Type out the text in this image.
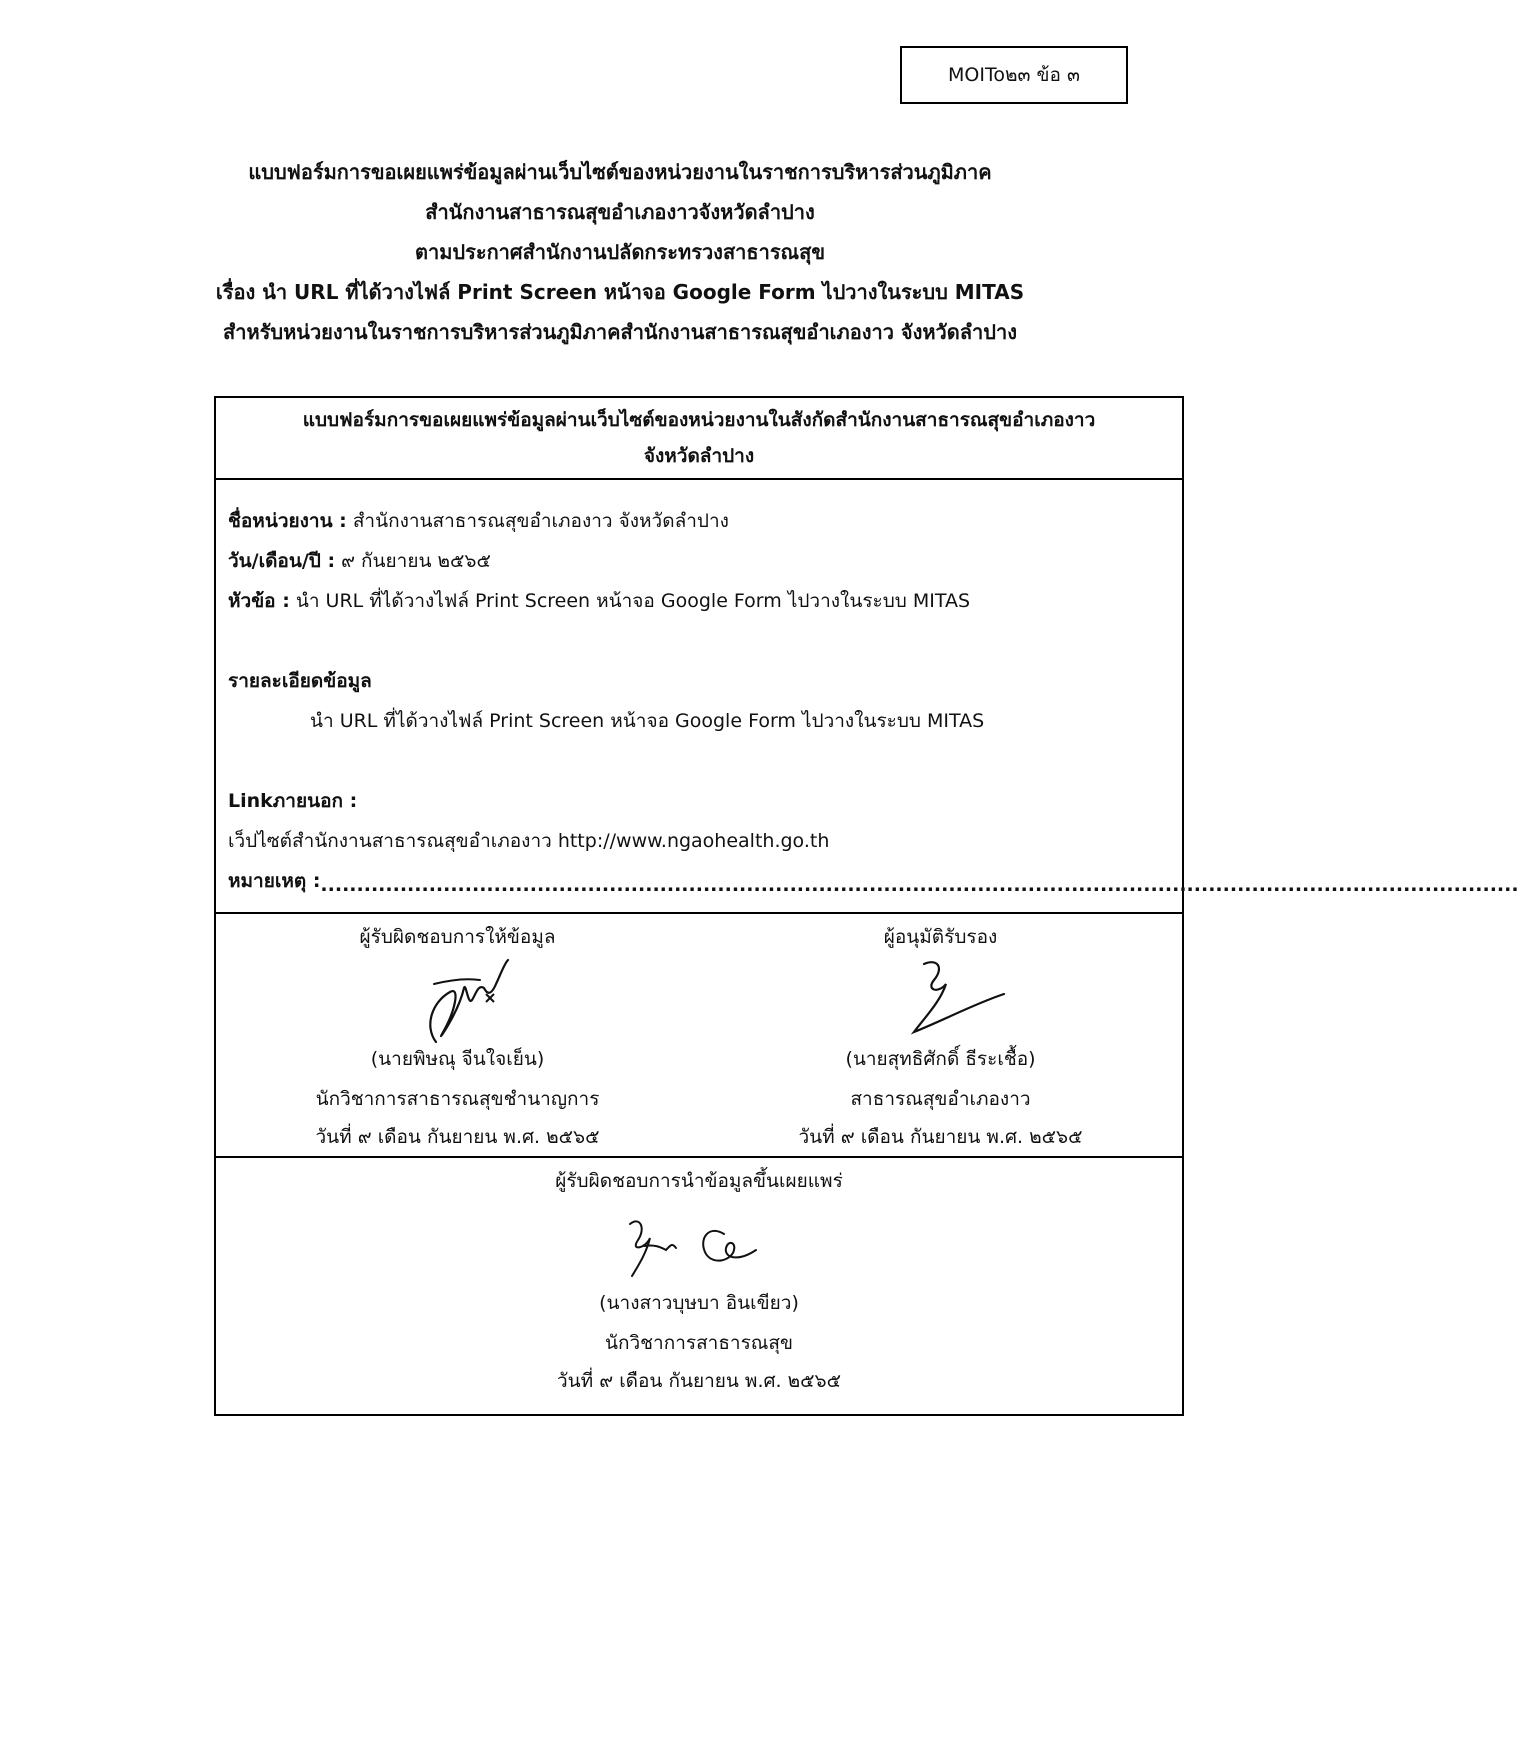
MOITo๒๓ ข้อ ๓
แบบฟอร์มการขอเผยแพร่ข้อมูลผ่านเว็บไซต์ของหน่วยงานในราชการบริหารส่วนภูมิภาค
สำนักงานสาธารณสุขอำเภองาวจังหวัดลำปาง
ตามประกาศสำนักงานปลัดกระทรวงสาธารณสุข
เรื่อง นำ URL ที่ได้วางไฟล์ Print Screen หน้าจอ Google Form ไปวางในระบบ MITAS
สำหรับหน่วยงานในราชการบริหารส่วนภูมิภาคสำนักงานสาธารณสุขอำเภองาว จังหวัดลำปาง
แบบฟอร์มการขอเผยแพร่ข้อมูลผ่านเว็บไซต์ของหน่วยงานในสังกัดสำนักงานสาธารณสุขอำเภองาว
จังหวัดลำปาง
ชื่อหน่วยงาน : สำนักงานสาธารณสุขอำเภองาว จังหวัดลำปาง
วัน/เดือน/ปี : ๙ กันยายน ๒๕๖๕
หัวข้อ : นำ URL ที่ได้วางไฟล์ Print Screen หน้าจอ Google Form ไปวางในระบบ MITAS
รายละเอียดข้อมูล
นำ URL ที่ได้วางไฟล์ Print Screen หน้าจอ Google Form ไปวางในระบบ MITAS
Linkภายนอก :
เว็ปไซต์สำนักงานสาธารณสุขอำเภองาว http://www.ngaohealth.go.th
หมายเหตุ :......................................................................................................................................................................
ผู้รับผิดชอบการให้ข้อมูล
(นายพิษณุ จีนใจเย็น)
นักวิชาการสาธารณสุขชำนาญการ
วันที่ ๙ เดือน กันยายน พ.ศ. ๒๕๖๕
ผู้อนุมัติรับรอง
(นายสุทธิศักดิ์ ธีระเชื้อ)
สาธารณสุขอำเภองาว
วันที่ ๙ เดือน กันยายน พ.ศ. ๒๕๖๕
ผู้รับผิดชอบการนำข้อมูลขึ้นเผยแพร่
(นางสาวบุษบา อินเขียว)
นักวิชาการสาธารณสุข
วันที่ ๙ เดือน กันยายน พ.ศ. ๒๕๖๕
